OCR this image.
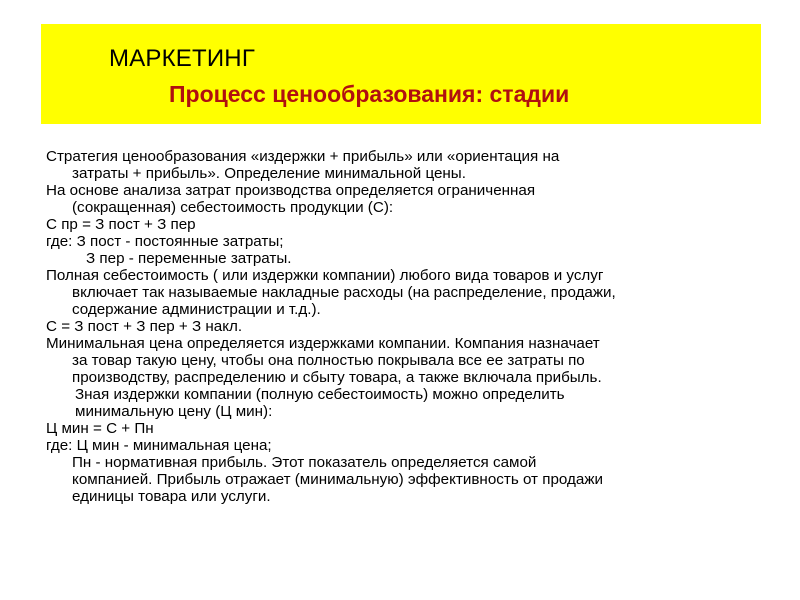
МАРКЕТИНГ
Процесс ценообразования: стадии
Стратегия ценообразования «издержки + прибыль» или «ориентация на
затраты + прибыль». Определение минимальной цены.
На основе анализа затрат производства определяется ограниченная
(сокращенная) себестоимость продукции (С):
С пр = З пост + З пер
где: З пост - постоянные затраты;
З пер - переменные затраты.
Полная себестоимость ( или издержки компании) любого вида товаров и услуг
включает так называемые накладные расходы (на распределение, продажи,
содержание администрации и т.д.).
С = З пост + З пер + З накл.
Минимальная цена определяется издержками компании. Компания назначает
за товар такую цену, чтобы она полностью покрывала все ее затраты по
производству, распределению и сбыту товара, а также включала прибыль.
Зная издержки компании (полную себестоимость) можно определить
минимальную цену (Ц мин):
Ц мин = С + Пн
где: Ц мин - минимальная цена;
Пн - нормативная прибыль. Этот показатель определяется самой
компанией. Прибыль отражает (минимальную) эффективность от продажи
единицы товара или услуги.
